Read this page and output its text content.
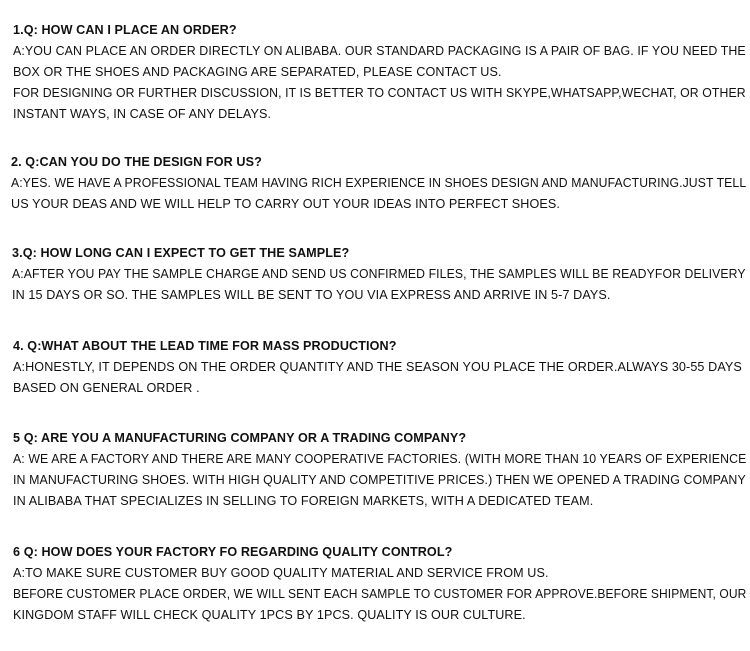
1.Q: HOW CAN I PLACE AN ORDER?
A:YOU CAN PLACE AN ORDER DIRECTLY ON ALIBABA. OUR STANDARD PACKAGING IS A PAIR OF BAG. IF YOU NEED THE
BOX OR THE SHOES AND PACKAGING ARE SEPARATED, PLEASE CONTACT US.
FOR DESIGNING OR FURTHER DISCUSSION, IT IS BETTER TO CONTACT US WITH SKYPE,WHATSAPP,WECHAT, OR OTHER
INSTANT WAYS, IN CASE OF ANY DELAYS.
2. Q:CAN YOU DO THE DESIGN FOR US?
A:YES. WE HAVE A PROFESSIONAL TEAM HAVING RICH EXPERIENCE IN SHOES DESIGN AND MANUFACTURING.JUST TELL
US YOUR DEAS AND WE WILL HELP TO CARRY OUT YOUR IDEAS INTO PERFECT SHOES.
3.Q: HOW LONG CAN I EXPECT TO GET THE SAMPLE?
A:AFTER YOU PAY THE SAMPLE CHARGE AND SEND US CONFIRMED FILES, THE SAMPLES WILL BE READYFOR DELIVERY
IN 15 DAYS OR SO. THE SAMPLES WILL BE SENT TO YOU VIA EXPRESS AND ARRIVE IN 5-7 DAYS.
4. Q:WHAT ABOUT THE LEAD TIME FOR MASS PRODUCTION?
A:HONESTLY, IT DEPENDS ON THE ORDER QUANTITY AND THE SEASON YOU PLACE THE ORDER.ALWAYS 30-55 DAYS
BASED ON GENERAL ORDER .
5 Q: ARE YOU A MANUFACTURING COMPANY OR A TRADING COMPANY?
A: WE ARE A FACTORY AND THERE ARE MANY COOPERATIVE FACTORIES. (WITH MORE THAN 10 YEARS OF EXPERIENCE
IN MANUFACTURING SHOES. WITH HIGH QUALITY AND COMPETITIVE PRICES.) THEN WE OPENED A TRADING COMPANY
IN ALIBABA THAT SPECIALIZES IN SELLING TO FOREIGN MARKETS, WITH A DEDICATED TEAM.
6 Q: HOW DOES YOUR FACTORY FO REGARDING QUALITY CONTROL?
A:TO MAKE SURE CUSTOMER BUY GOOD QUALITY MATERIAL AND SERVICE FROM US.
BEFORE CUSTOMER PLACE ORDER, WE WILL SENT EACH SAMPLE TO CUSTOMER FOR APPROVE.BEFORE SHIPMENT, OUR
KINGDOM STAFF WILL CHECK QUALITY 1PCS BY 1PCS. QUALITY IS OUR CULTURE.
